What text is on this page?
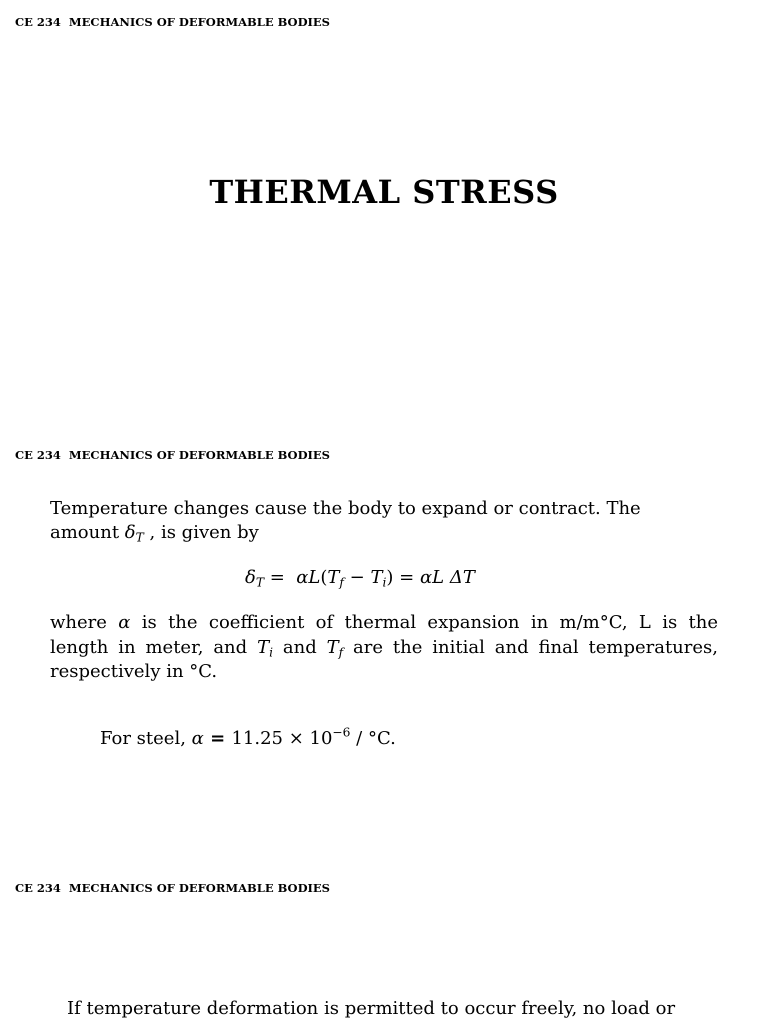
CE 234  MECHANICS OF DEFORMABLE BODIES
THERMAL STRESS
CE 234  MECHANICS OF DEFORMABLE BODIES
Temperature changes cause the body to expand or contract. The
amount $\delta_T$ , is given by
$\delta_T = \alpha L(T_f - T_i) = \alpha L$ ΔT
where α is the coefficient of thermal expansion in m/m°C, L is the
length in meter, and $T_i$ and $T_f$ are the initial and final temperatures,
respectively in °C.
For steel, $\alpha = 11.25 \times 10^{-6} / ^\circ C$.
CE 234  MECHANICS OF DEFORMABLE BODIES
If temperature deformation is permitted to occur freely, no load or
